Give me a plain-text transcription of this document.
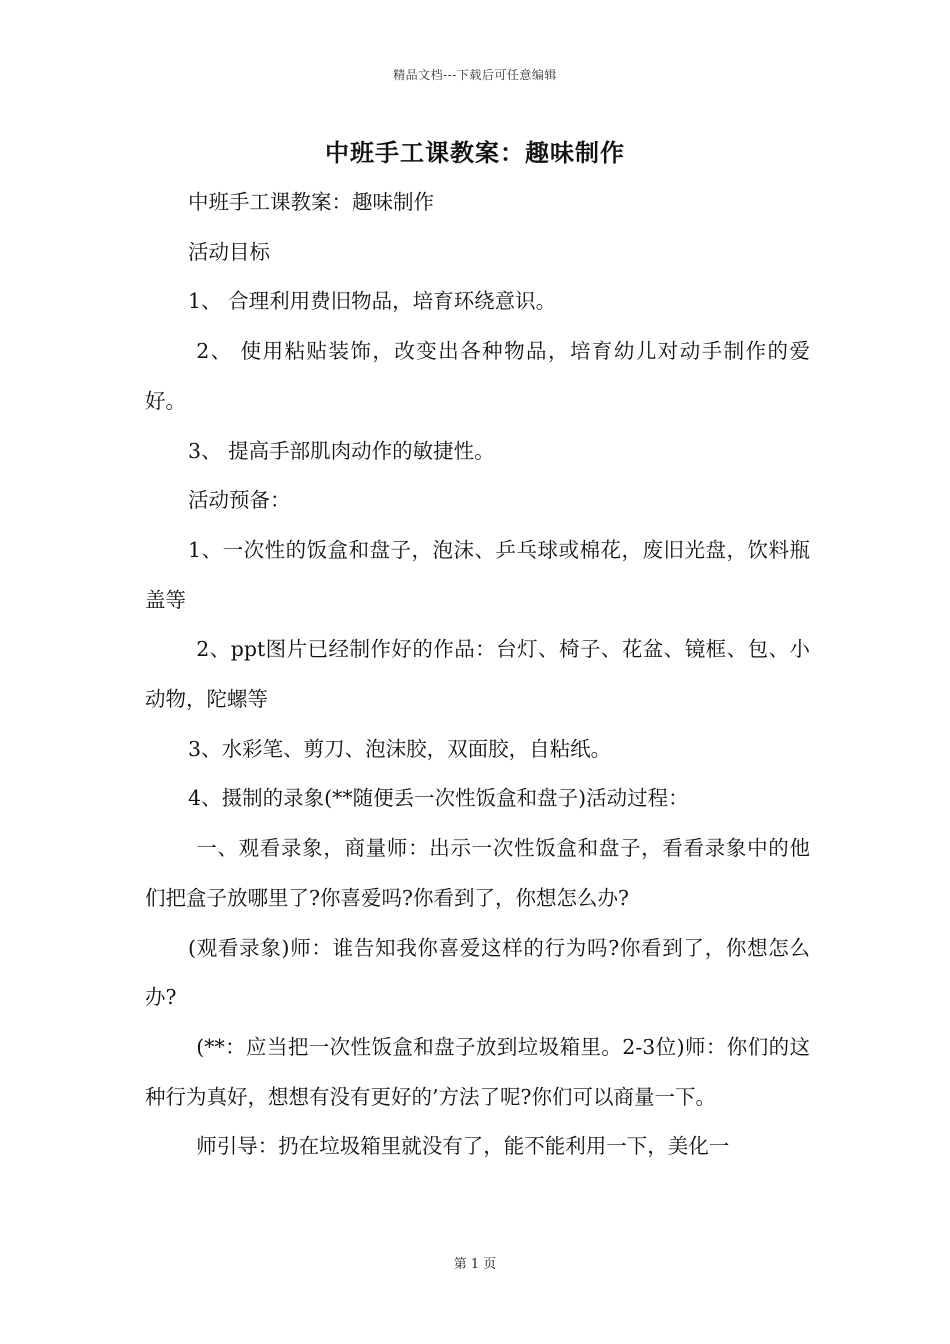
精品文档---下载后可任意编辑
中班手工课教案：趣味制作

中班手工课教案：趣味制作

活动目标

1、 合理利用费旧物品，培育环绕意识。

2、 使用粘贴装饰，改变出各种物品，培育幼儿对动手制作的爱好。

3、 提高手部肌肉动作的敏捷性。

活动预备：

1、一次性的饭盒和盘子，泡沫、乒乓球或棉花，废旧光盘，饮料瓶盖等

2、ppt图片已经制作好的作品：台灯、椅子、花盆、镜框、包、小动物，陀螺等

3、水彩笔、剪刀、泡沫胶，双面胶，自粘纸。

4、摄制的录象(**随便丢一次性饭盒和盘子)活动过程：

一、观看录象，商量师：出示一次性饭盒和盘子，看看录象中的他们把盒子放哪里了?你喜爱吗?你看到了，你想怎么办?

(观看录象)师：谁告知我你喜爱这样的行为吗?你看到了，你想怎么办?

(**：应当把一次性饭盒和盘子放到垃圾箱里。2-3位)师：你们的这种行为真好，想想有没有更好的’方法了呢?你们可以商量一下。

师引导：扔在垃圾箱里就没有了，能不能利用一下，美化一

第 1 页
